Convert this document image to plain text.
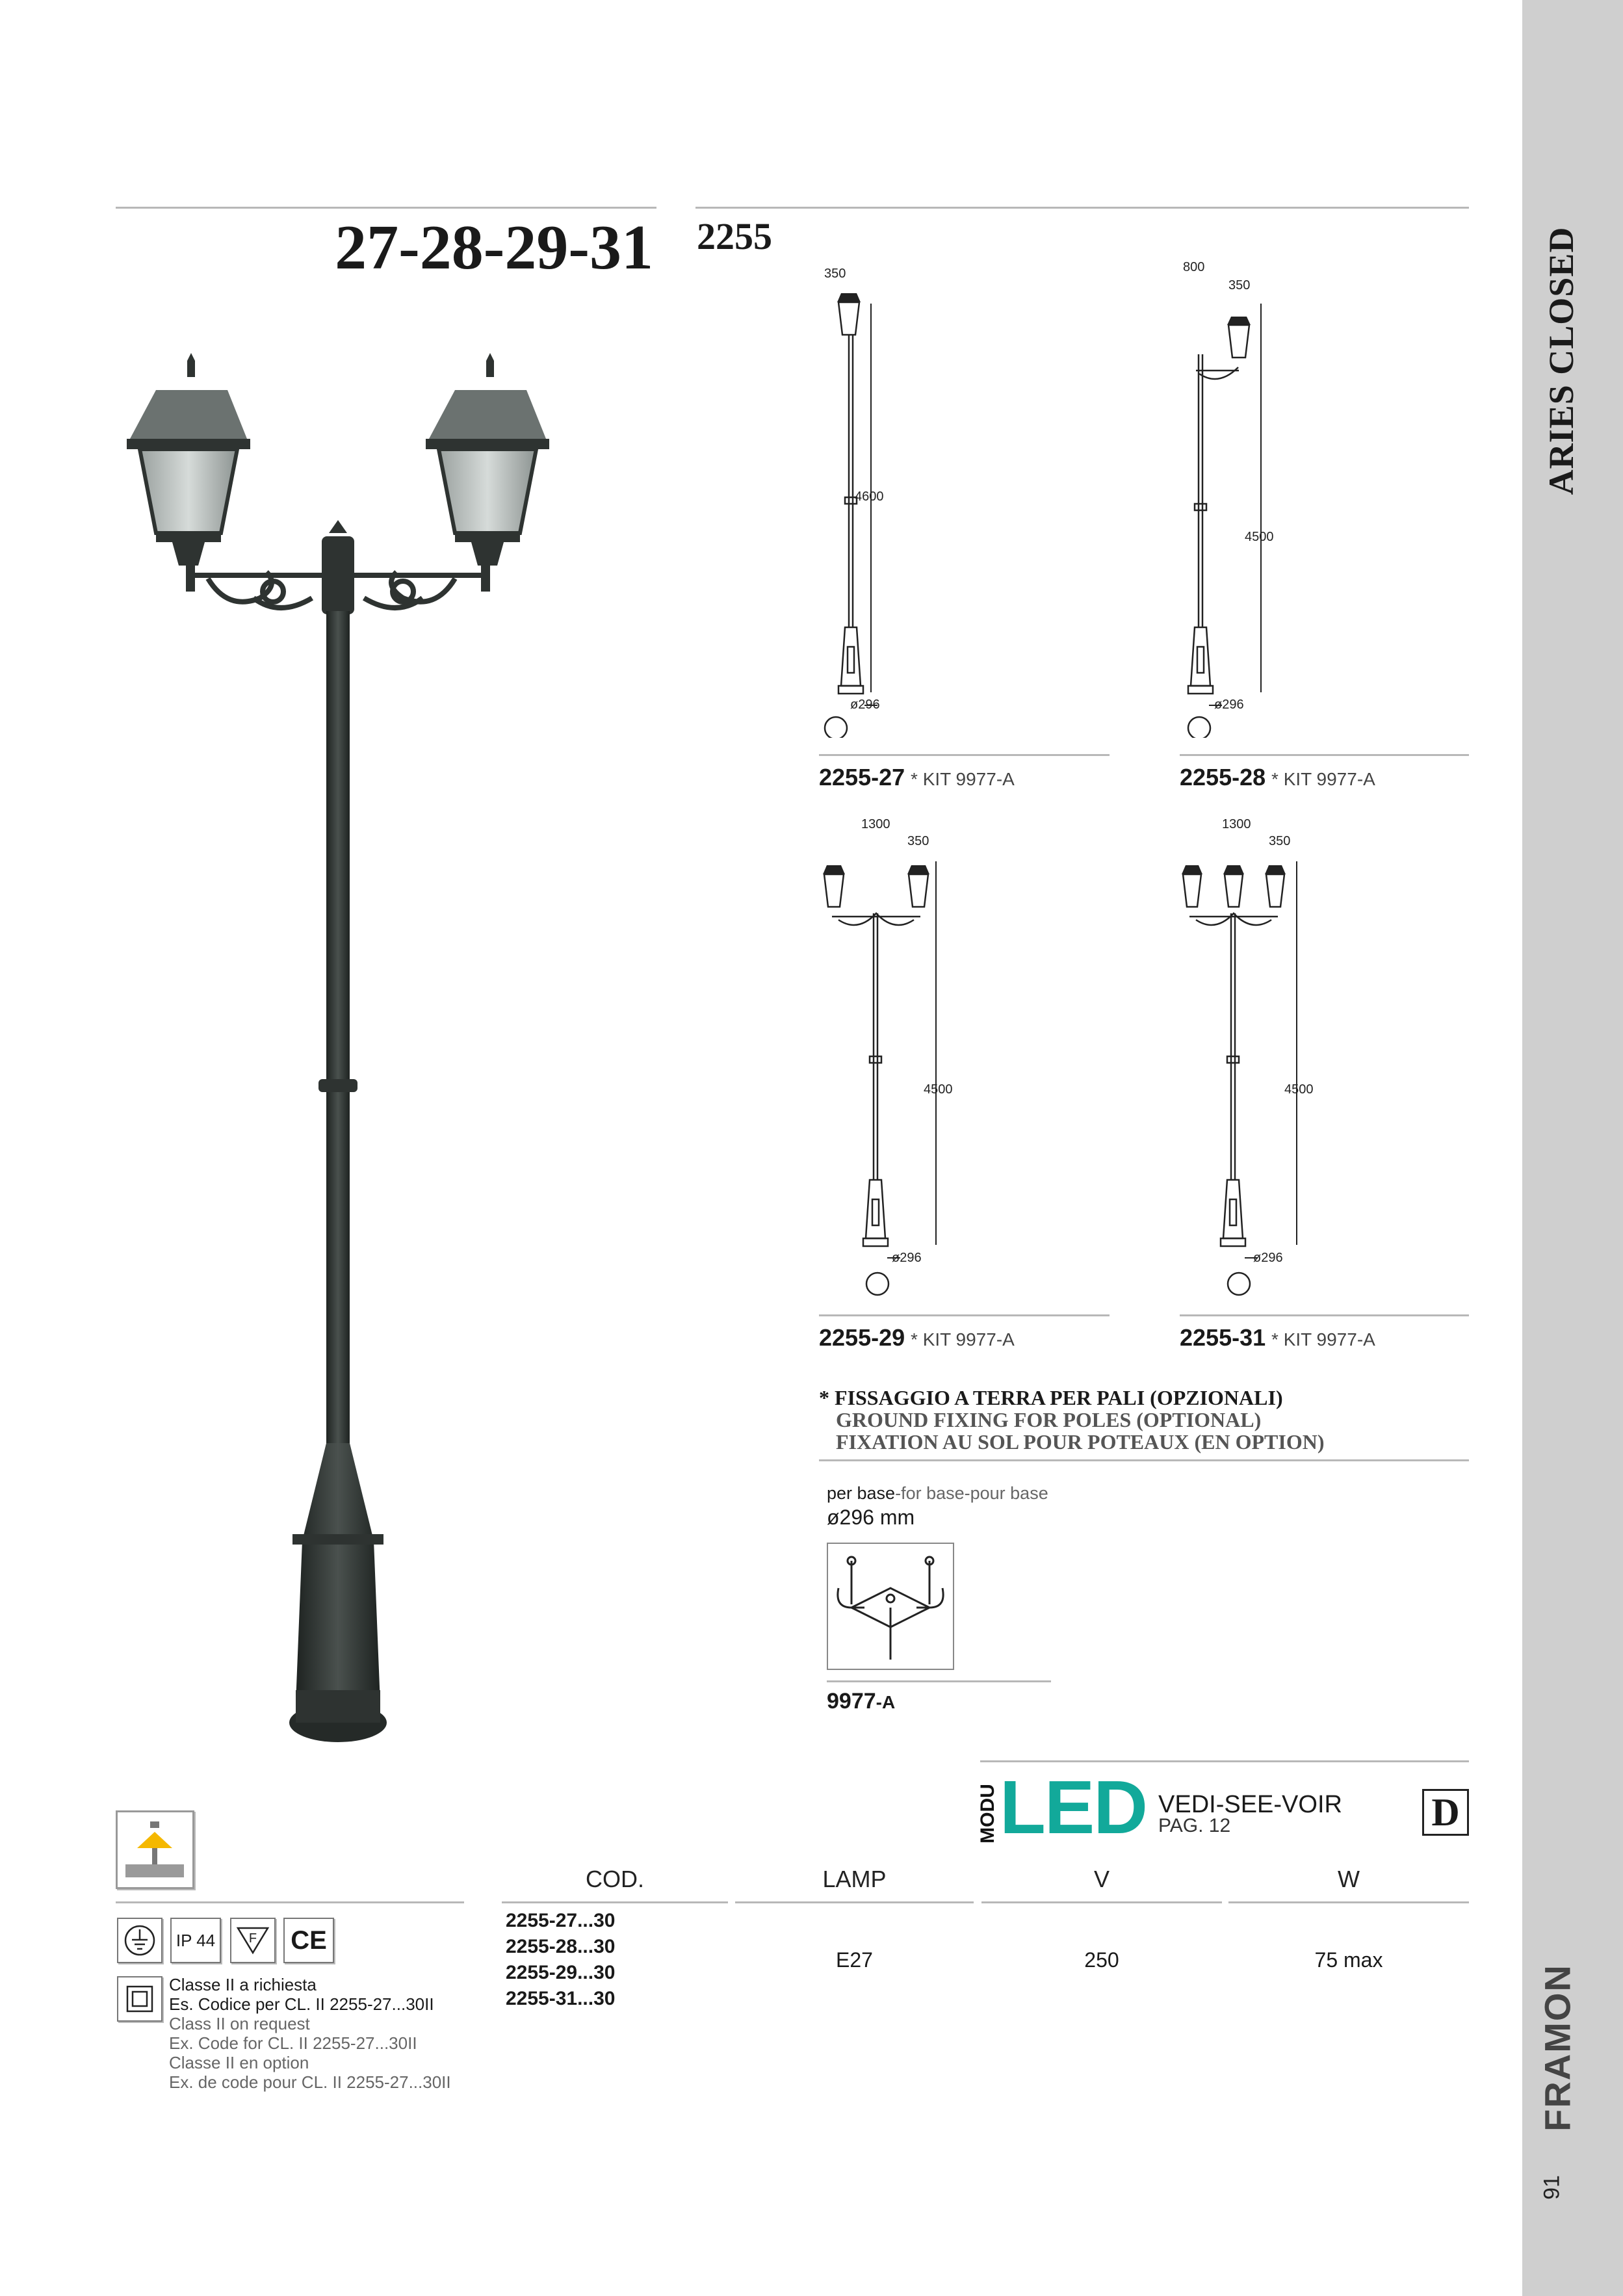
ARIES CLOSED
FRAMON
91
27-28-29-31 2255
350
4600
ø296
800
350
4500
ø296
1300
350
4500
ø296
1300
350
4500
ø296
2255-27 * KIT 9977-A	2255-28 * KIT 9977-A
2255-29 * KIT 9977-A	2255-31 * KIT 9977-A
* FISSAGGIO A TERRA PER PALI (OPZIONALI)
GROUND FIXING FOR POLES (OPTIONAL)
FIXATION AU SOL POUR POTEAUX (EN OPTION)
per base-for base-pour base
ø296 mm
9977-A
MODU LED VEDI-SEE-VOIR
PAG. 12	D
COD.	LAMP	V	W
2255-27...30
2255-28...30
2255-29...30
2255-31...30
E27	250	75 max
IP 44	F CE
Classe II a richiesta
Es. Codice per CL. II 2255-27...30II
Class II on request
Ex. Code for CL. II 2255-27...30II
Classe II en option
Ex. de code pour CL. II 2255-27...30II
